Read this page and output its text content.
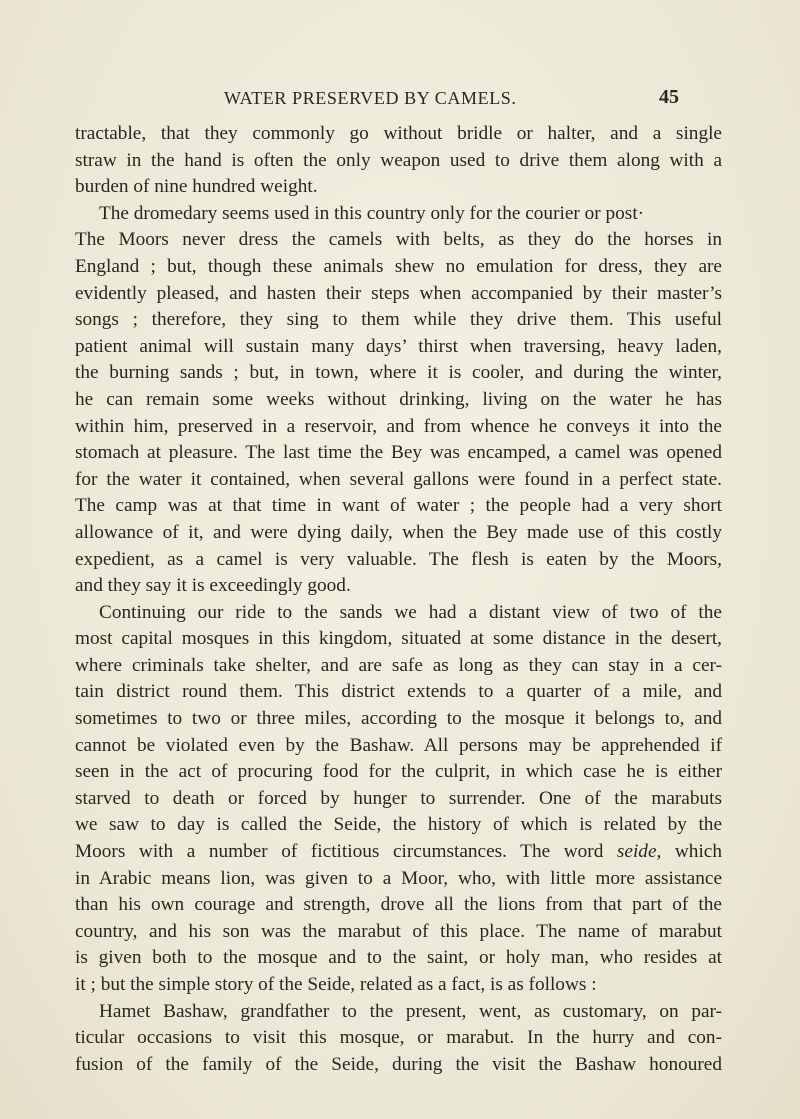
WATER PRESERVED BY CAMELS.	45
tractable, that they commonly go without bridle or halter, and a single
straw in the hand is often the only weapon used to drive them along with a
burden of nine hundred weight.
The dromedary seems used in this country only for the courier or post·
The Moors never dress the camels with belts, as they do the horses in
England ; but, though these animals shew no emulation for dress, they are
evidently pleased, and hasten their steps when accompanied by their master’s
songs ; therefore, they sing to them while they drive them. This useful
patient animal will sustain many days’ thirst when traversing, heavy laden,
the burning sands ; but, in town, where it is cooler, and during the winter,
he can remain some weeks without drinking, living on the water he has
within him, preserved in a reservoir, and from whence he conveys it into the
stomach at pleasure. The last time the Bey was encamped, a camel was opened
for the water it contained, when several gallons were found in a perfect state.
The camp was at that time in want of water ; the people had a very short
allowance of it, and were dying daily, when the Bey made use of this costly
expedient, as a camel is very valuable. The flesh is eaten by the Moors,
and they say it is exceedingly good.
Continuing our ride to the sands we had a distant view of two of the
most capital mosques in this kingdom, situated at some distance in the desert,
where criminals take shelter, and are safe as long as they can stay in a cer-
tain district round them. This district extends to a quarter of a mile, and
sometimes to two or three miles, according to the mosque it belongs to, and
cannot be violated even by the Bashaw. All persons may be apprehended if
seen in the act of procuring food for the culprit, in which case he is either
starved to death or forced by hunger to surrender. One of the marabuts
we saw to day is called the Seide, the history of which is related by the
Moors with a number of fictitious circumstances. The word seide, which
in Arabic means lion, was given to a Moor, who, with little more assistance
than his own courage and strength, drove all the lions from that part of the
country, and his son was the marabut of this place. The name of marabut
is given both to the mosque and to the saint, or holy man, who resides at
it ; but the simple story of the Seide, related as a fact, is as follows :
Hamet Bashaw, grandfather to the present, went, as customary, on par-
ticular occasions to visit this mosque, or marabut. In the hurry and con-
fusion of the family of the Seide, during the visit the Bashaw honoured
